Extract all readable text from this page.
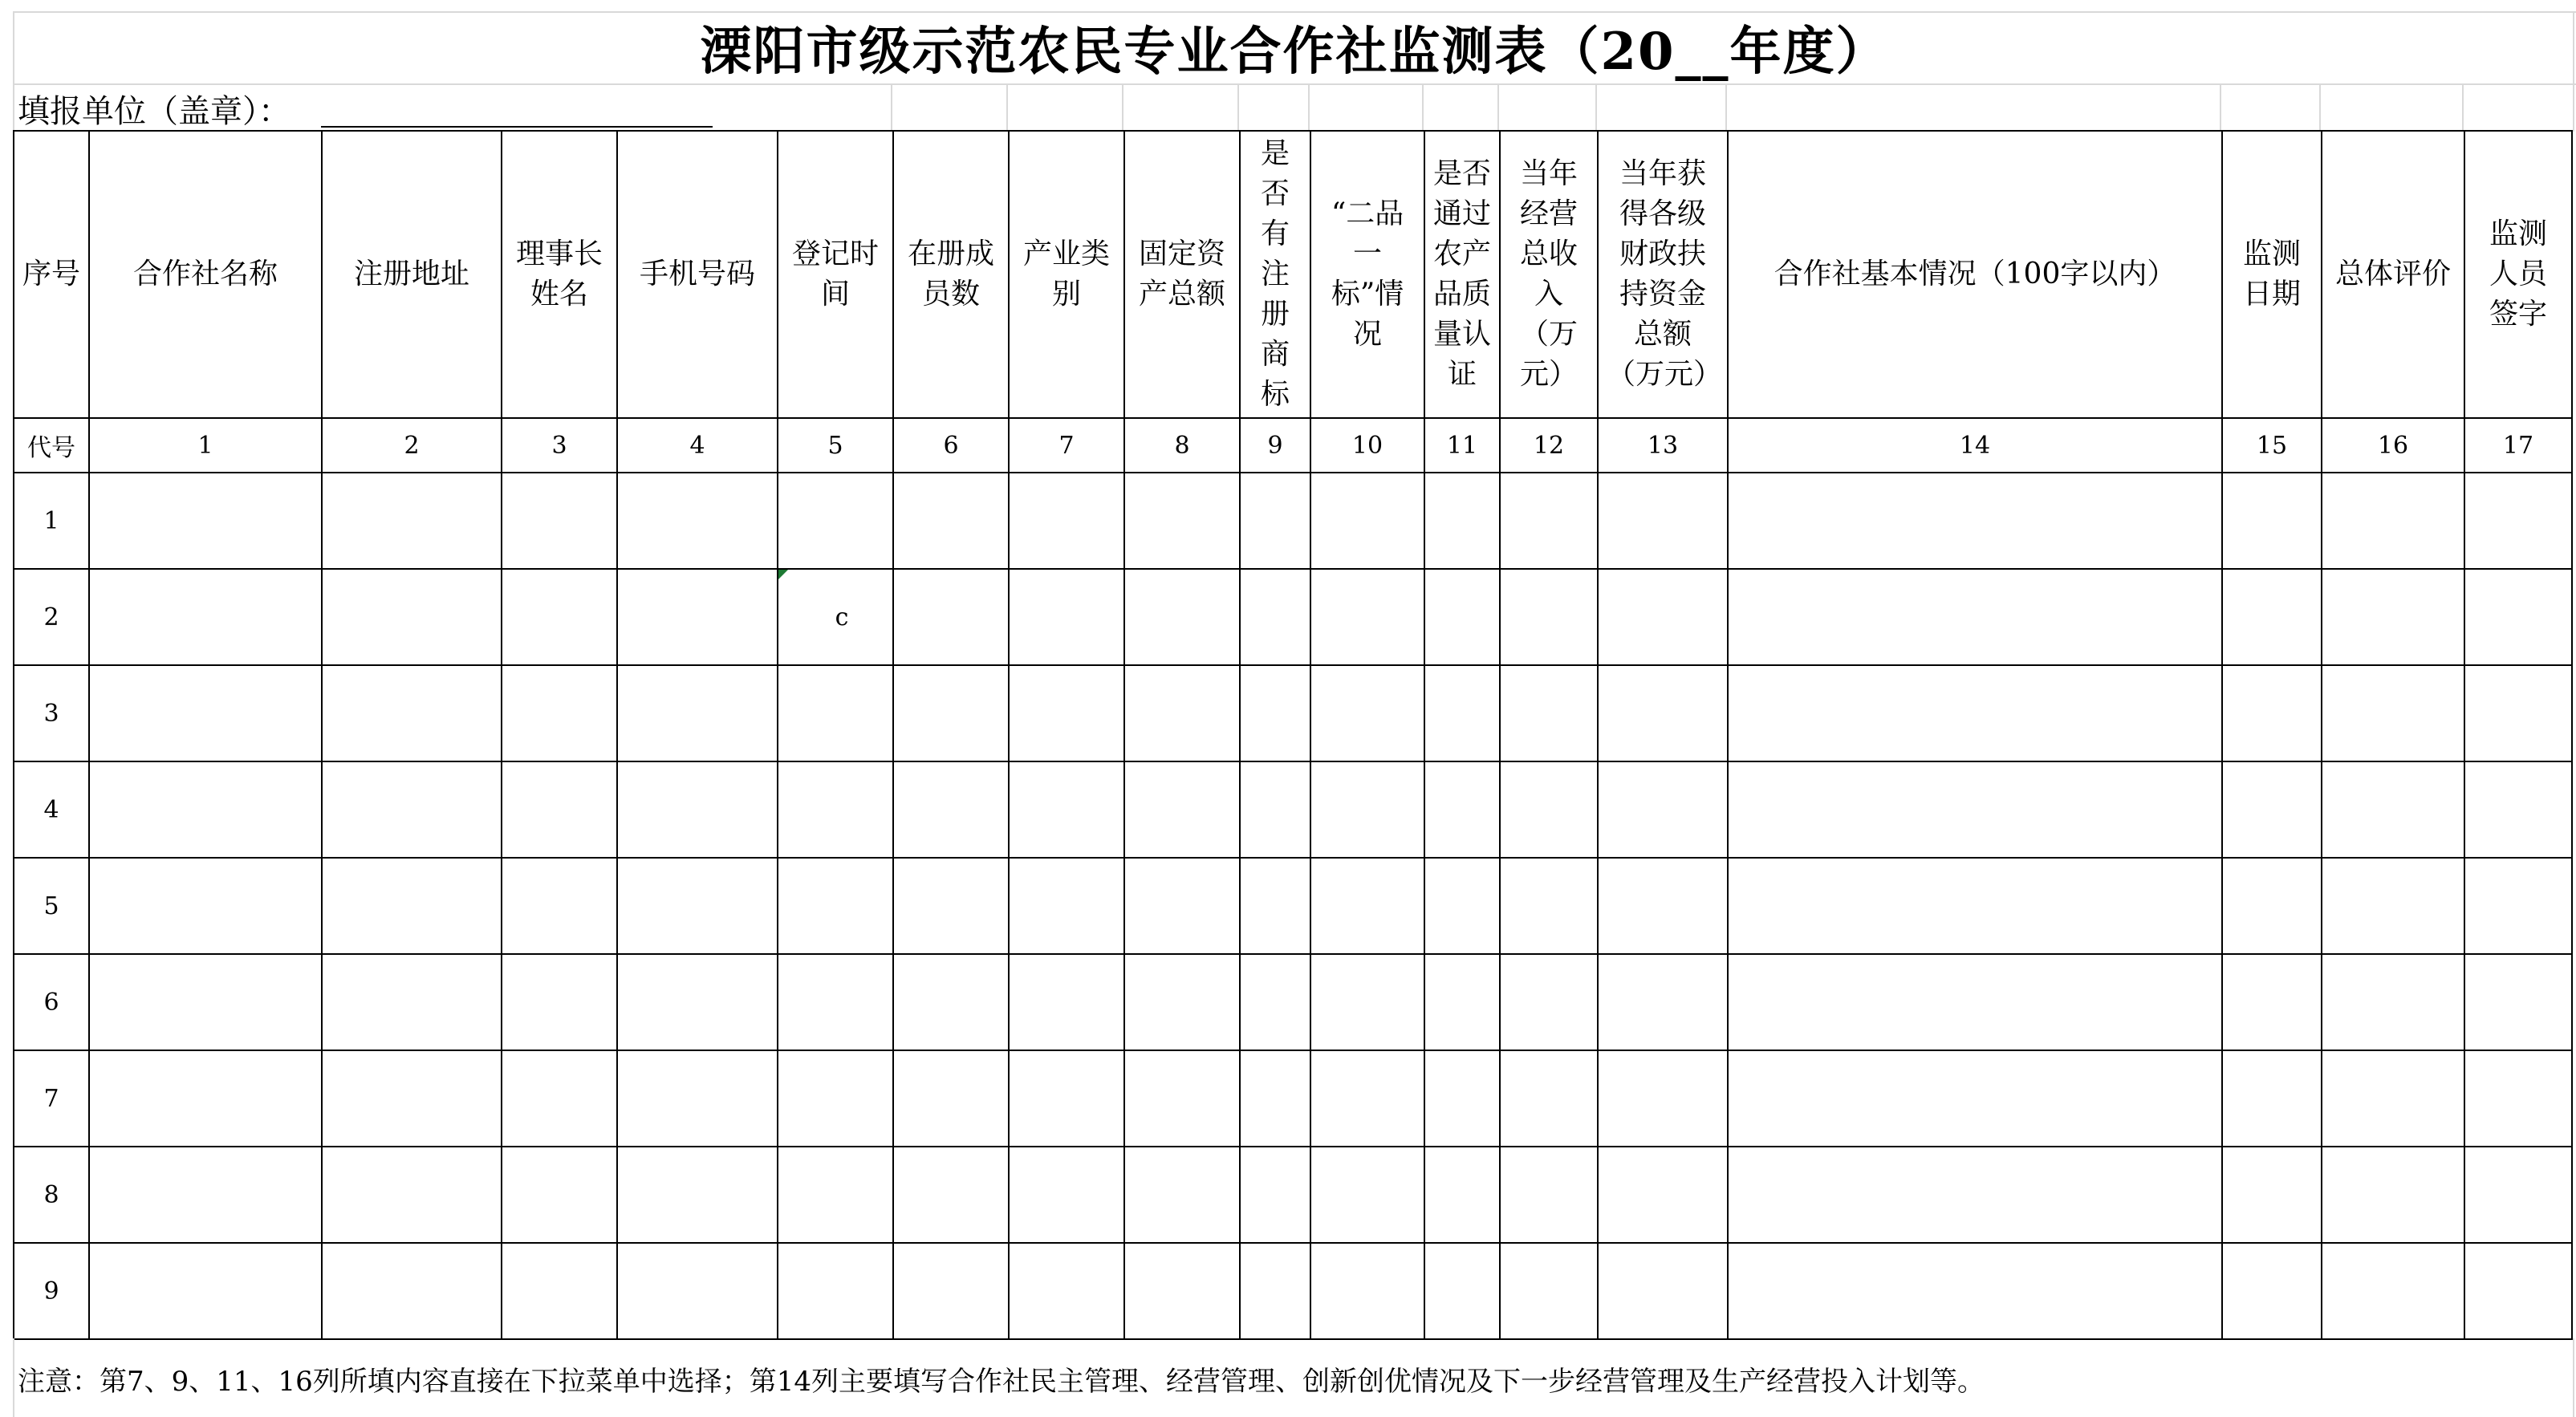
溧阳市级示范农民专业合作社监测表（20__年度）
填报单位（盖章）：
序号	合作社名称	注册地址	理事长姓名	手机号码	登记时间	在册成员数	产业类别	固定资产总额	是否有注册商标	“二品一标”情况	是否通过农产品质量认证	当年经营总收入（万元）	当年获得各级财政扶持资金总额（万元）	合作社基本情况（100字以内）	监测日期	总体评价	监测人员签字

代号	1	2	3	4	5	6	7	8	9	10	11	12	13	14	15	16	17
1																	
2					c												
3																	
4																	
5																	
6																	
7																	
8																	
9																	
注意：第7、9、11、16列所填内容直接在下拉菜单中选择；第14列主要填写合作社民主管理、经营管理、创新创优情况及下一步经营管理及生产经营投入计划等。
